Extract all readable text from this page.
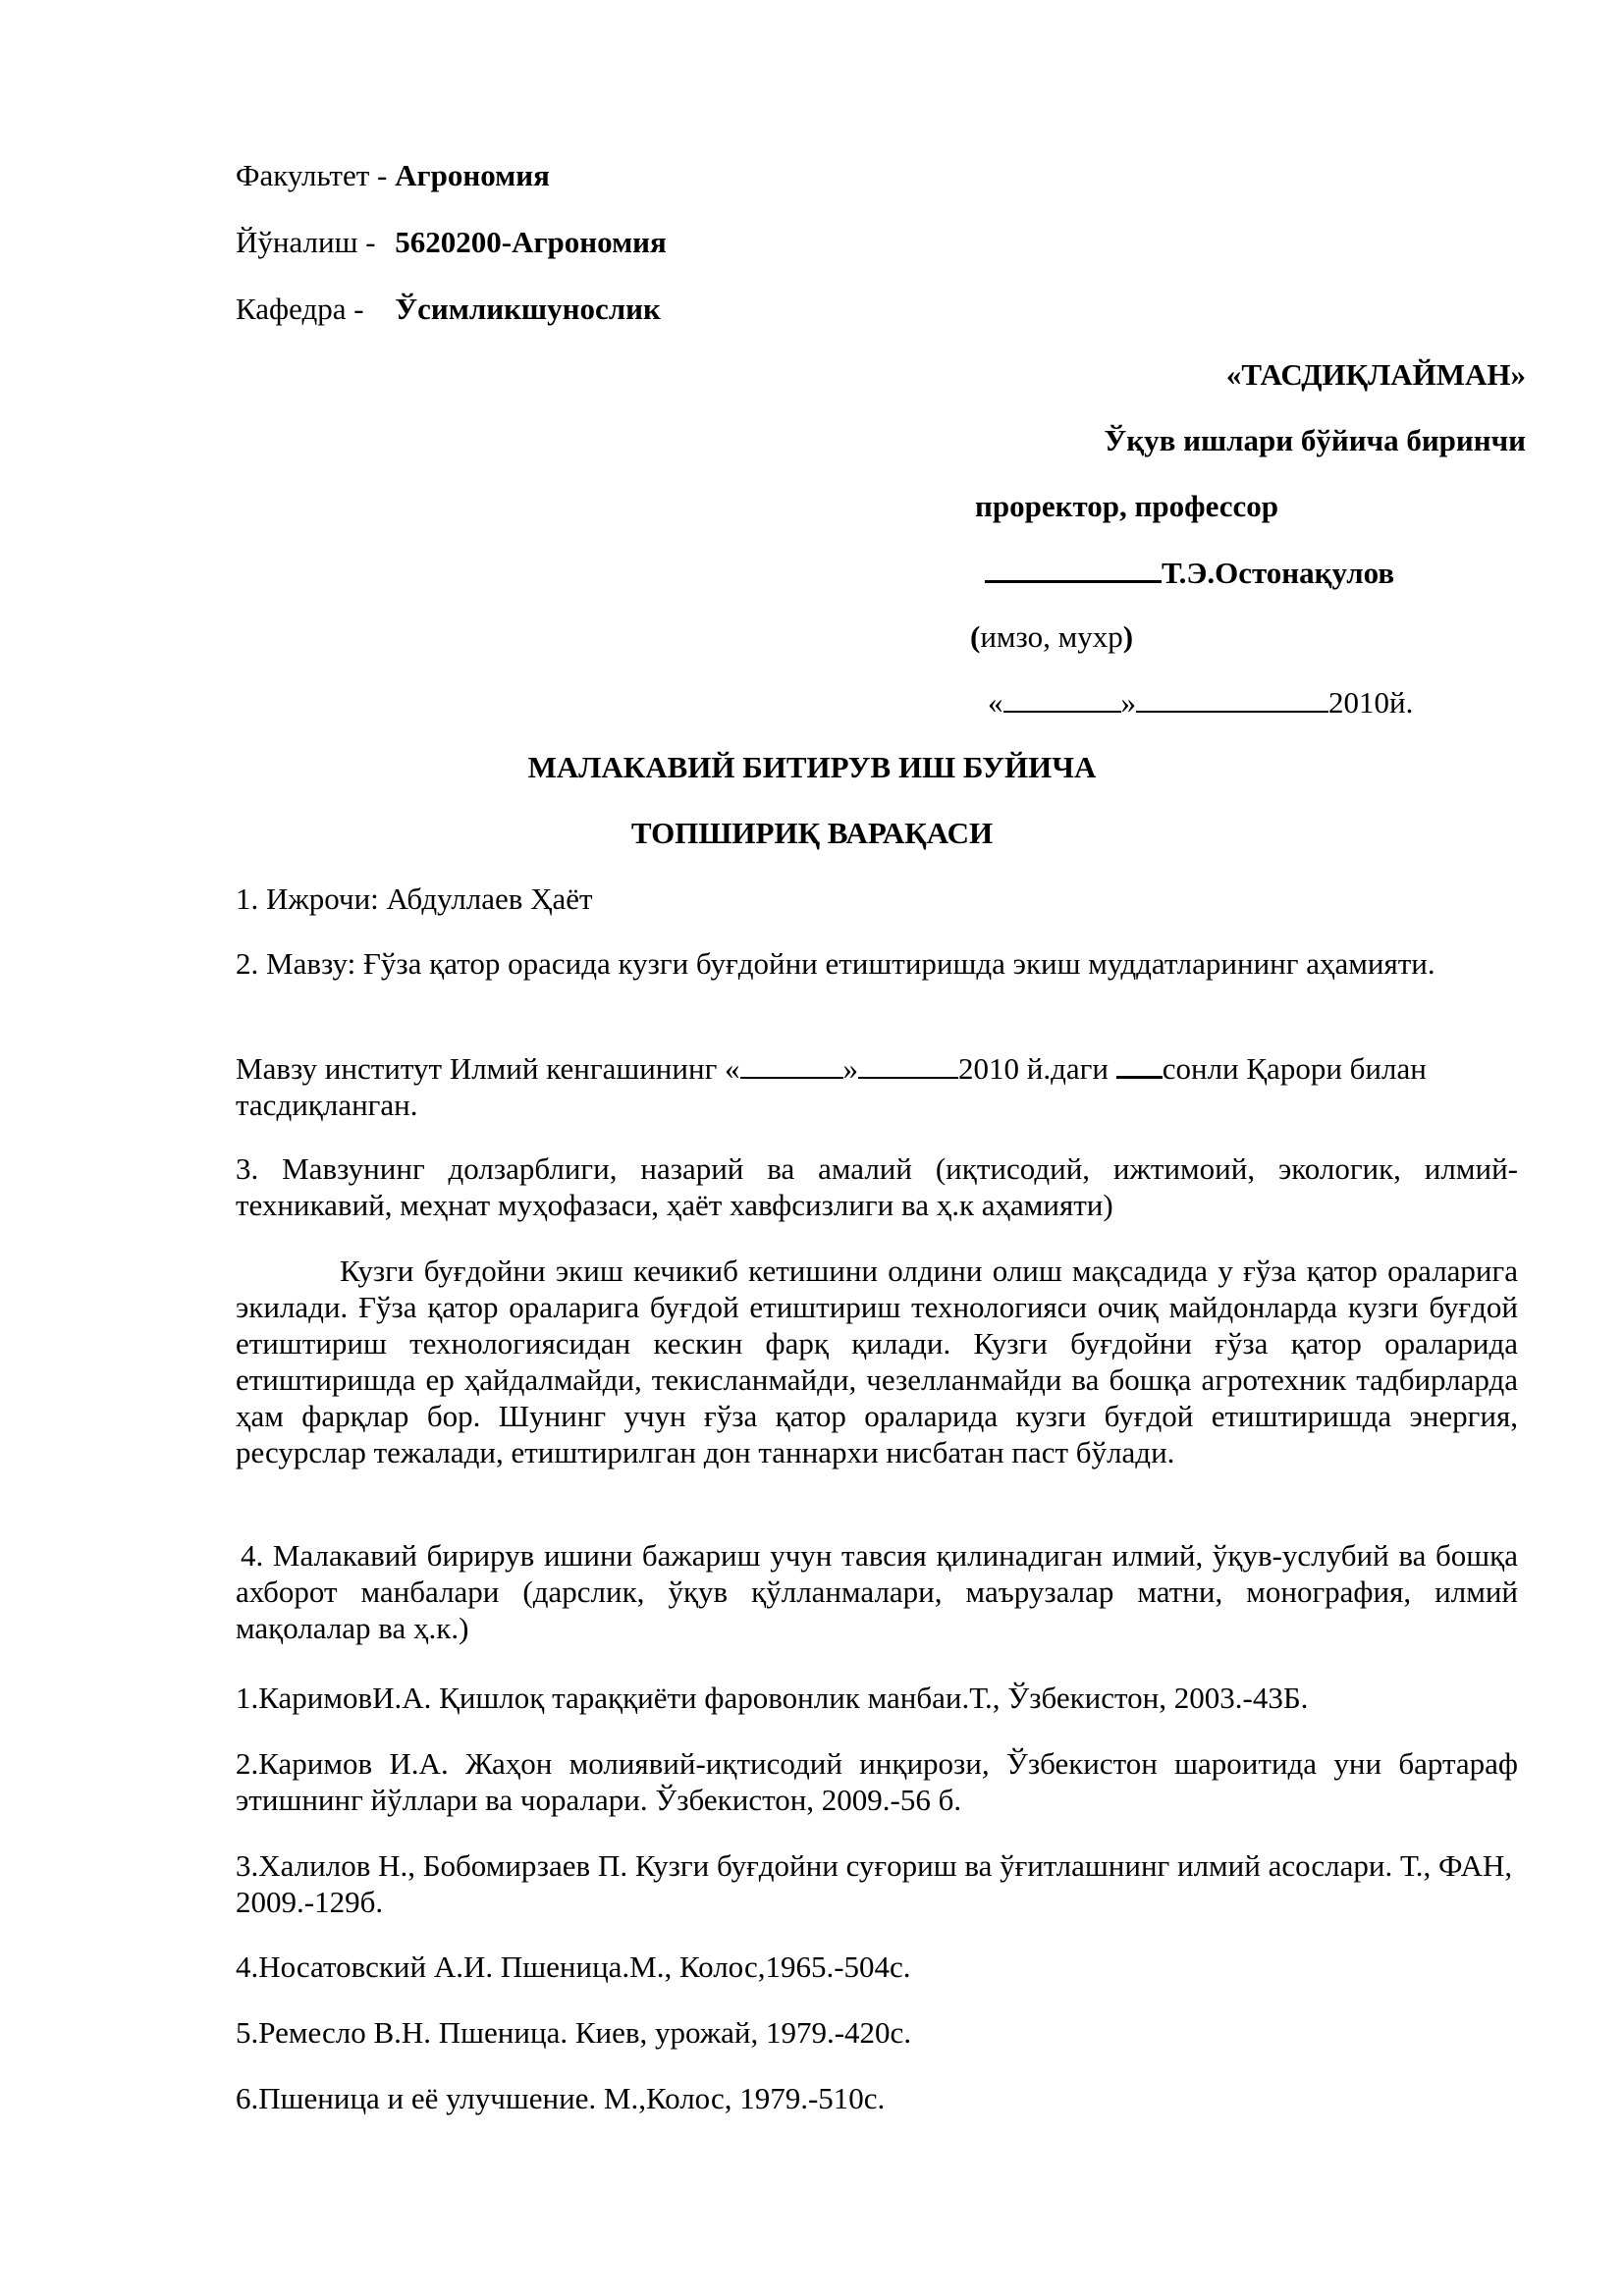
Факультет - Агрономия
Йўналиш - 5620200-Агрономия
Кафедра - Ўсимликшунослик
«ТАСДИҚЛАЙМАН»
Ўқув ишлари бўйича биринчи
проректор, профессор
Т.Э.Остонақулов
(имзо, мухр)
«	»	2010й.
МАЛАКАВИЙ БИТИРУВ ИШ БУЙИЧА
ТОПШИРИҚ ВАРАҚАСИ
1. Ижрочи: Абдуллаев Ҳаёт
2. Мавзу: Ғўза қатор орасида кузги буғдойни етиштиришда экиш муддатларининг аҳамияти.
Мавзу институт Илмий кенгашининг «	»	2010 й.даги сонли Қарори билан тасдиқланган.
3. Мавзунинг долзарблиги, назарий ва амалий (иқтисодий, ижтимоий, экологик, илмий-техникавий, меҳнат муҳофазаси, ҳаёт хавфсизлиги ва ҳ.к аҳамияти)
Кузги буғдойни экиш кечикиб кетишини олдини олиш мақсадида у ғўза қатор ораларига экилади. Ғўза қатор ораларига буғдой етиштириш технологияси очиқ майдонларда кузги буғдой етиштириш технологиясидан кескин фарқ қилади. Кузги буғдойни ғўза қатор ораларида етиштиришда ер ҳайдалмайди, текисланмайди, чезелланмайди ва бошқа агротехник тадбирларда ҳам фарқлар бор. Шунинг учун ғўза қатор ораларида кузги буғдой етиштиришда энергия, ресурслар тежалади, етиштирилган дон таннархи нисбатан паст бўлади.
4. Малакавий бирирув ишини бажариш учун тавсия қилинадиган илмий, ўқув-услубий ва бошқа ахборот манбалари (дарслик, ўқув қўлланмалари, маърузалар матни, монография, илмий мақолалар ва ҳ.к.)
1.КаримовИ.А. Қишлоқ тараққиёти фаровонлик манбаи.Т., Ўзбекистон, 2003.-43Б.
2.Каримов И.А. Жаҳон молиявий-иқтисодий инқирози, Ўзбекистон шароитида уни бартараф этишнинг йўллари ва чоралари. Ўзбекистон, 2009.-56 б.
3.Халилов Н., Бобомирзаев П. Кузги буғдойни суғориш ва ўғитлашнинг илмий асослари. Т., ФАН, 2009.-129б.
4.Носатовский А.И. Пшеница.М., Колос,1965.-504с.
5.Ремесло В.Н. Пшеница. Киев, урожай, 1979.-420с.
6.Пшеница и её улучшение. М.,Колос, 1979.-510с.
